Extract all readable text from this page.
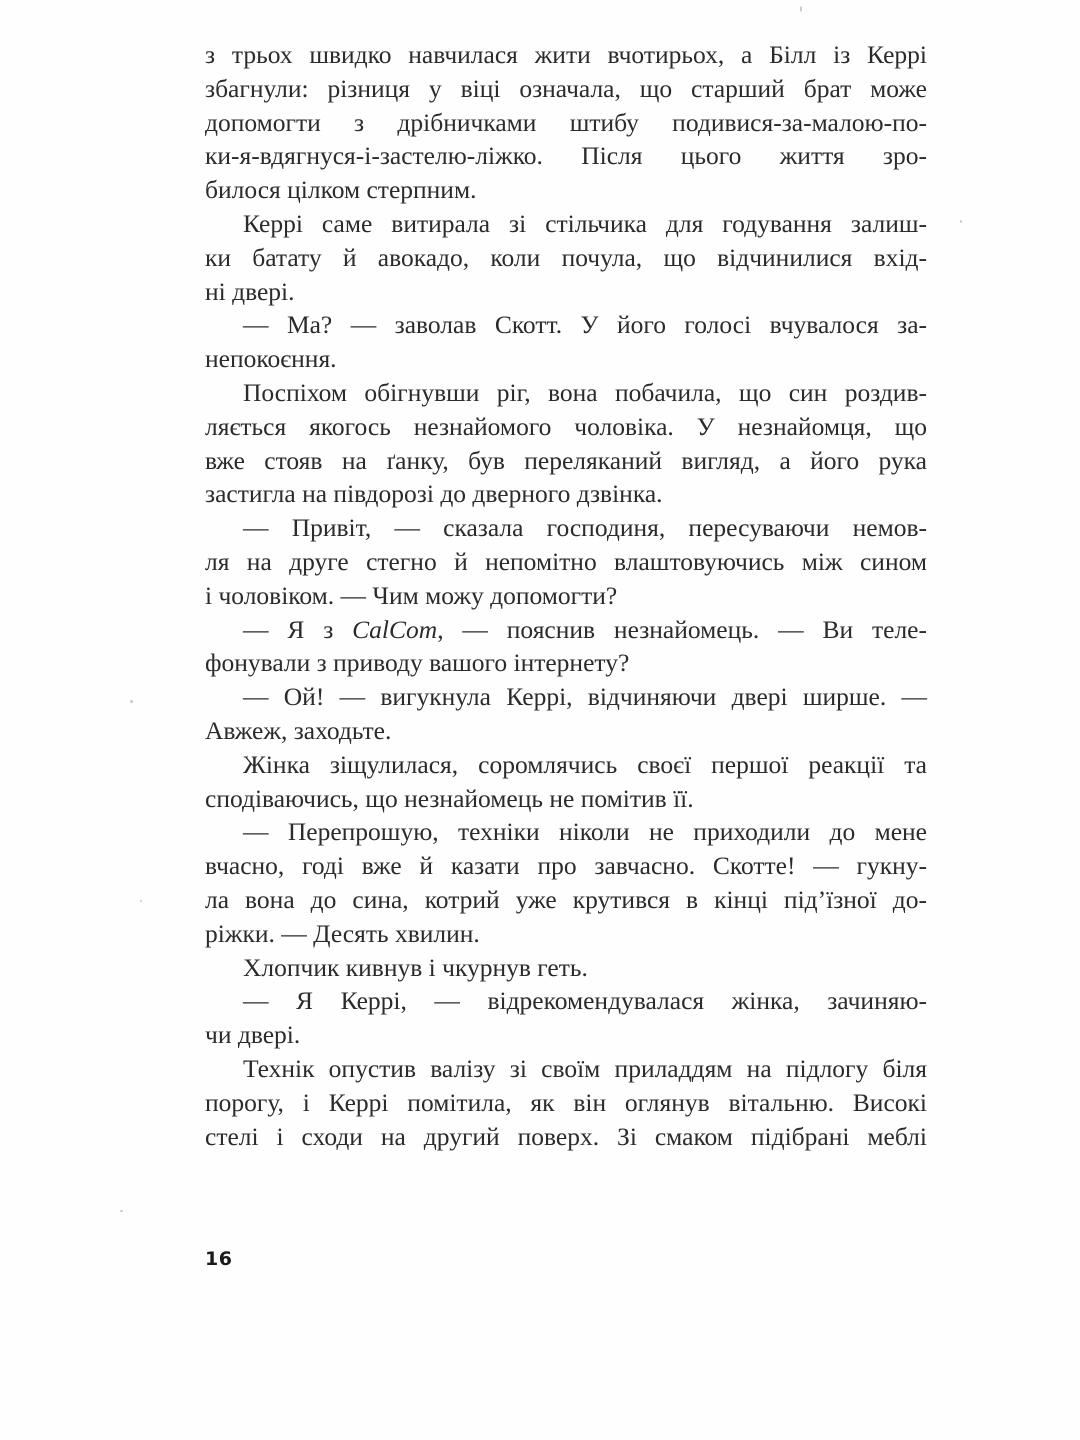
з трьох швидко навчилася жити вчотирьох, а Білл із Керрі
збагнули: різниця у віці означала, що старший брат може
допомогти з дрібничками штибу подивися-за-малою-по-
ки-я-вдягнуся-і-застелю-ліжко. Після цього життя зро-
билося цілком стерпним.
Керрі саме витирала зі стільчика для годування залиш-
ки батату й авокадо, коли почула, що відчинилися вхід-
ні двері.
— Ма? — заволав Скотт. У його голосі вчувалося за-
непокоєння.
Поспіхом обігнувши ріг, вона побачила, що син роздив-
ляється якогось незнайомого чоловіка. У незнайомця, що
вже стояв на ґанку, був переляканий вигляд, а його рука
застигла на півдорозі до дверного дзвінка.
— Привіт, — сказала господиня, пересуваючи немов-
ля на друге стегно й непомітно влаштовуючись між сином
і чоловіком. — Чим можу допомогти?
— Я з CalCom, — пояснив незнайомець. — Ви теле-
фонували з приводу вашого інтернету?
— Ой! — вигукнула Керрі, відчиняючи двері ширше. —
Авжеж, заходьте.
Жінка зіщулилася, соромлячись своєї першої реакції та
сподіваючись, що незнайомець не помітив її.
— Перепрошую, техніки ніколи не приходили до мене
вчасно, годі вже й казати про завчасно. Скотте! — гукну-
ла вона до сина, котрий уже крутився в кінці під’їзної до-
ріжки. — Десять хвилин.
Хлопчик кивнув і чкурнув геть.
— Я Керрі, — відрекомендувалася жінка, зачиняю-
чи двері.
Технік опустив валізу зі своїм приладдям на підлогу біля
порогу, і Керрі помітила, як він оглянув вітальню. Високі
стелі і сходи на другий поверх. Зі смаком підібрані меблі
16
